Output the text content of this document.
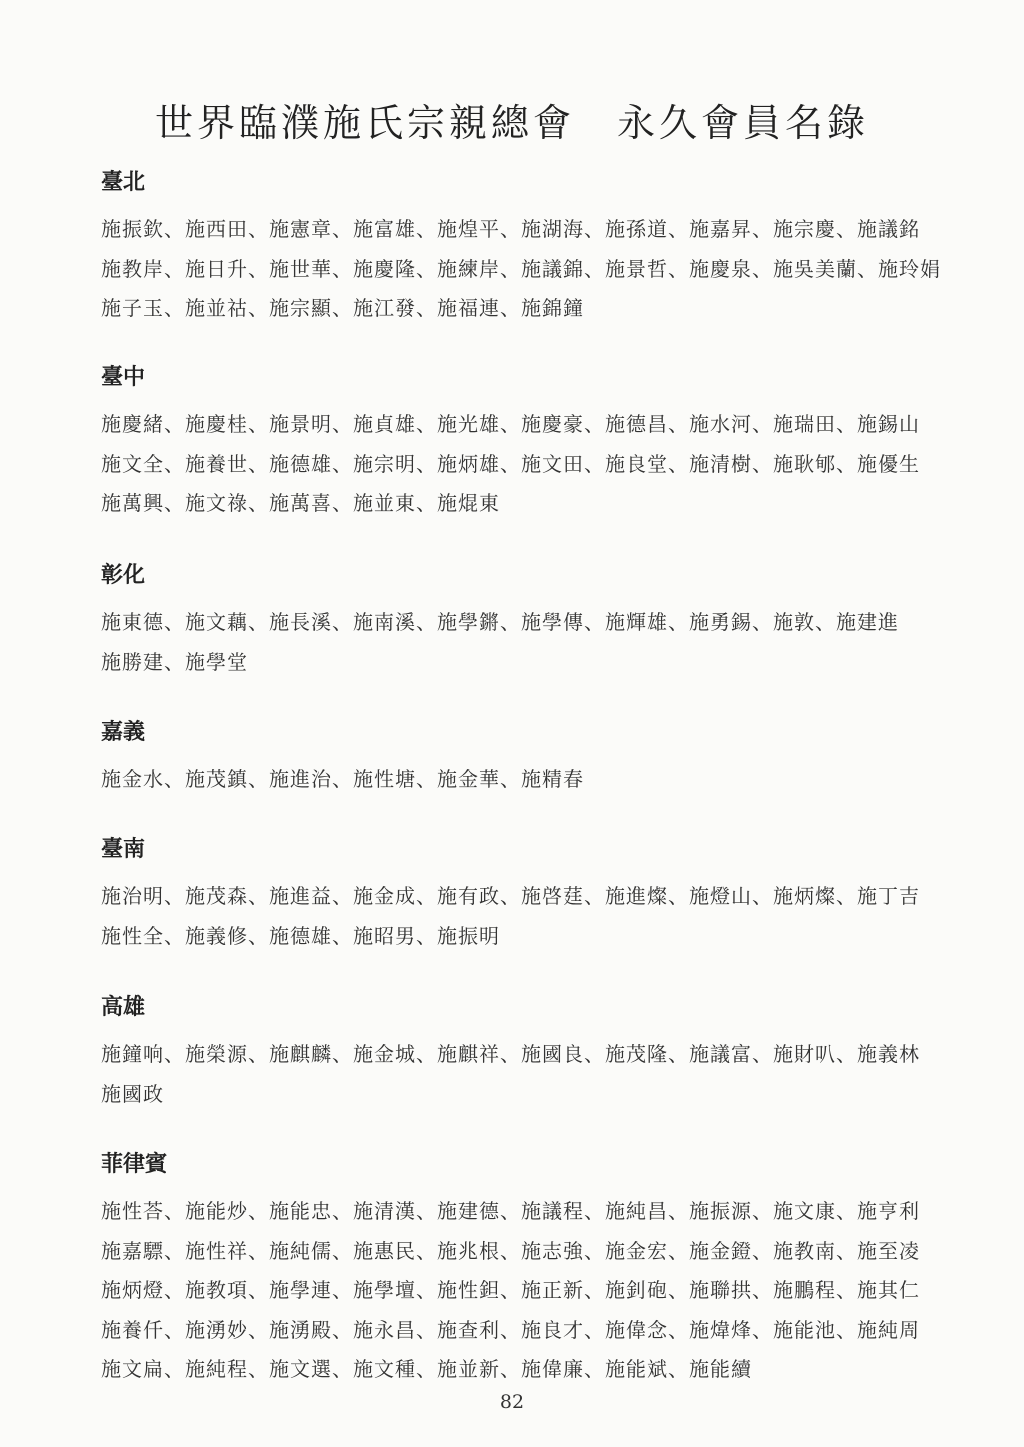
世界臨濮施氏宗親總會　永久會員名錄
臺北
施振欽、施西田、施憲章、施富雄、施煌平、施湖海、施孫道、施嘉昇、施宗慶、施議銘
施教岸、施日升、施世華、施慶隆、施練岸、施議錦、施景哲、施慶泉、施吳美蘭、施玲娟
施子玉、施並祜、施宗顯、施江發、施福連、施錦鐘
臺中
施慶緒、施慶桂、施景明、施貞雄、施光雄、施慶豪、施德昌、施水河、施瑞田、施錫山
施文全、施養世、施德雄、施宗明、施炳雄、施文田、施良堂、施清樹、施耿郇、施優生
施萬興、施文祿、施萬喜、施並東、施焜東
彰化
施東德、施文藕、施長溪、施南溪、施學鏘、施學傳、施輝雄、施勇錫、施敦、施建進
施勝建、施學堂
嘉義
施金水、施茂鎮、施進治、施性塘、施金華、施精春
臺南
施治明、施茂森、施進益、施金成、施有政、施啓莛、施進燦、施燈山、施炳燦、施丁吉
施性全、施義修、施德雄、施昭男、施振明
高雄
施鐘响、施榮源、施麒麟、施金城、施麒祥、施國良、施茂隆、施議富、施財叭、施義林
施國政
菲律賓
施性荅、施能炒、施能忠、施清漢、施建德、施議程、施純昌、施振源、施文康、施亨利
施嘉驃、施性祥、施純儒、施惠民、施兆根、施志強、施金宏、施金鐙、施教南、施至凌
施炳燈、施教項、施學連、施學壇、施性鉭、施正新、施釗砲、施聯拱、施鵬程、施其仁
施養仟、施湧妙、施湧殿、施永昌、施查利、施良才、施偉念、施煒烽、施能池、施純周
施文扁、施純程、施文選、施文種、施並新、施偉廉、施能斌、施能續
82
